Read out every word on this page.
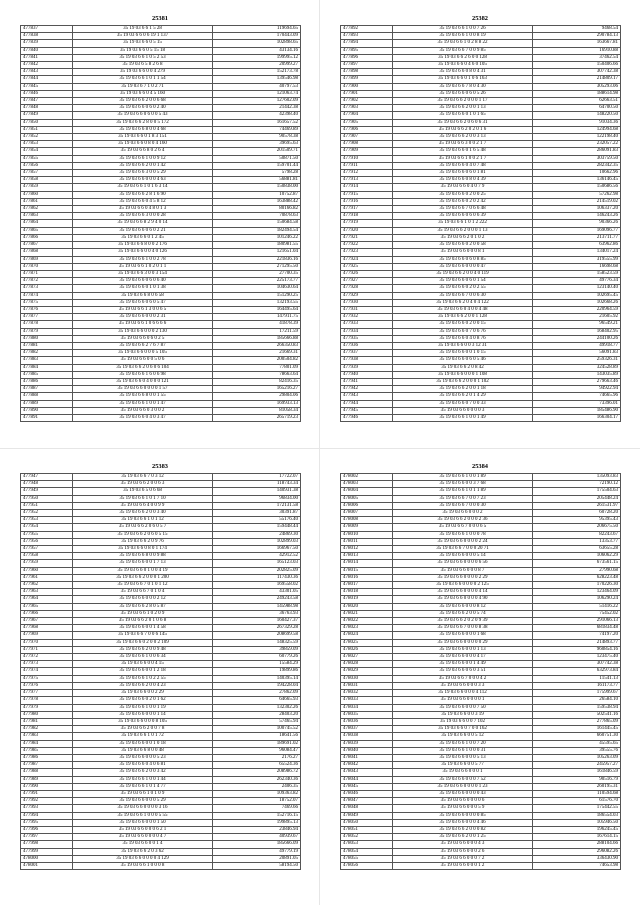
25381
477837	35 19 03 6 6 1 5 28	119694.65
477838	35 19 03 6 6 0 6 19 1 137	170443.09
477839	35 19 03 6 6 0 5 15	102898.65
477840	35 19 03 6 6 0 5 15 18	43134.16
477841	35 19 03 6 6 1 0 5 2 53	199995.12
477842	35 19 03 6 5 8 2 6 8	20999.27
477843	35 19 03 6 6 0 0 4 279	152173.78
477844	35 19 03 6 6 1 0 1 1 54	139546.98
477845	35 19 03 6 7 1 0 2 71	40797.53
477846	35 19 03 6 6 0 4 5 160	121063.74
477847	35 19 03 6 6 2 0 0 6 68	127602.09
477848	35 19 03 6 6 0 6 0 2 40	21442.38
477849	35 19 03 6 6 0 6 0 0 5 43	42398.40
477850	35 19 03 6 6 2 8 0 0 5 172	161657.52
477851	35 19 03 6 6 8 0 0 4 68	74469.89
477852	35 19 03 6 6 0 1 8 3 151	90578.38
477853	35 19 03 6 6 0 8 0 4 160	39695.63
477854	35 19 03 6 6 8 0 2 6 4	201509.71
477855	35 19 03 6 6 1 0 0 9 12	50871.50
477856	35 19 03 6 6 2 0 0 1 42	159701.44
477857	35 19 03 6 6 3 0 0 5 29	5798.28
477858	35 19 03 6 6 0 0 0 4 63	56881.81
477859	35 19 03 6 6 1 0 1 6 3 14	150838.00
477860	35 19 03 6 6 2 8 1 6 90	10752.87
477861	35 19 03 6 6 0 4 5 8 12	163888.42
477862	35 19 03 6 6 0 4 8 0 1 3	80166.82
477863	35 19 03 6 6 3 0 0 0 28	70878.63
477864	35 19 03 6 6 8 2 9 4 0 14	150684.58
477865	35 19 03 6 6 0 6 0 2 21	182494.54
477866	35 19 03 6 6 0 1 2 45	101246.22
477867	35 19 03 6 6 8 0 0 2 176	180981.55
477868	35 19 03 6 6 0 0 4 0 126	121651.04
477869	35 19 03 6 6 1 0 0 2 78	221836.16
477870	35 19 03 6 6 1 0 2 0 1 1	271295.50
477871	35 19 03 6 6 3 0 0 3 154	27700.35
477872	35 19 03 6 6 0 6 0 6 40	225173.77
477873	35 19 03 6 6 0 1 0 1 38	104630.64
477874	35 19 03 6 6 8 0 6 58	151290.25
477875	35 19 03 6 6 0 6 0 5 47	132193.55
477876	35 19 03 6 6 1 3 0 0 6 5	164495.64
477877	35 19 03 6 6 0 0 0 2 31	147911.75
477878	35 19 03 6 6 1 0 6 6 6 6	41878.39
477879	35 19 03 6 6 0 0 0 2 130	17211.59
477880	35 19 03 6 6 0 6 0 2 5	185666.88
477881	35 19 03 6 6 2 7 6 7 87	266350.83
477882	35 19 03 6 6 0 0 0 5 105	21669.31
477883	35 19 03 6 6 0 0 5 0 6	200504.82
477884	35 19 03 6 6 2 0 6 0 6 104	77801.09
477885	35 19 03 6 6 1 6 0 6 98	78663.64
477886	35 19 03 6 6 0 4 0 0 0 121	82416.35
477887	35 19 03 6 6 0 0 0 0 1 57	165216.27
477888	35 19 03 6 6 8 0 0 1 55	29804.06
477889	35 19 03 6 6 1 0 0 1 47	169933.13
477890	35 19 03 6 6 0 3 0 0 2	81058.34
477891	35 19 03 6 6 0 4 0 3 47	265719.23
25382
477892	35 19 03 6 6 1 0 0 7 26	9468.54
477893	35 19 03 6 6 1 0 0 8 19	290784.13
477894	35 19 03 6 6 1 0 2 8 8 22	163667.81
477895	35 19 03 6 6 7 0 0 9 85	16910.88
477896	35 19 03 6 6 2 6 0 0 128	37462.54
477897	35 19 03 6 6 0 4 6 0 105	150406.66
477898	35 19 03 6 6 0 8 0 4 31	307742.38
477899	35 19 03 6 6 0 1 0 6 163	214809.17
477900	35 19 03 6 6 7 8 0 4 30	305293.06
477901	35 19 03 6 6 0 6 0 5 26	188614.98
477902	35 19 03 6 6 2 0 0 0 1 17	62663.51
477903	35 19 03 6 6 2 0 0 1 13	64700.50
477904	35 19 03 6 6 0 1 0 1 65	148220.50
477905	35 19 03 6 6 2 0 6 0 6 31	91034.36
477906	35 19 03 6 6 2 0 2 0 1 6	124994.68
477907	35 19 03 6 6 2 0 0 3 13	122198.40
477908	35 19 03 6 6 3 0 0 2 1 7	232057.22
477909	35 19 03 6 6 0 1 6 5 48	286091.83
477910	35 19 03 6 6 1 0 0 2 1 7	303759.50
477911	35 19 03 6 6 0 4 0 7 48	282342.35
477912	35 19 03 6 6 0 6 0 1 81	10662.96
477913	35 19 03 6 6 0 8 0 4 39	136146.45
477914	35 19 03 6 6 0 4 0 7 9	150686.56
477915	35 19 03 6 6 0 2 0 0 25	57262.98
477916	35 19 03 6 6 0 2 0 2 42	214519.02
477917	35 19 03 6 6 7 0 6 6 48	106337.20
477918	35 19 03 6 6 0 6 0 6 39	146243.26
477919	35 19 03 6 6 1 0 1 2 222	90366.26
477920	35 19 03 6 6 2 0 0 0 1 13	169096.77
477921	35 19 03 6 6 2 0 1 0 2	213711.77
477922	35 19 03 6 6 0 2 0 0 58	63962.86
477923	35 19 03 6 6 0 0 0 8 1	134017.24
477924	35 19 03 6 6 0 6 0 8 85	319555.99
477925	35 19 03 6 6 0 0 0 0 47	16698.68
477926	35 19 03 6 6 2 0 0 4 0 119	158523.59
477927	35 19 03 6 6 0 6 0 1 54	49776.34
477928	35 19 03 6 6 0 2 0 2 55	123140.40
477929	35 19 03 6 6 7 0 0 6 30	102695.45
477930	35 19 03 6 6 2 0 4 0 4 122	102668.26
477931	35 19 03 6 6 0 4 0 0 4 48	220964.59
477932	35 19 03 6 6 2 0 0 1 128	21605.92
477933	35 19 03 6 6 0 2 0 0 15	96549.21
477934	35 19 03 6 6 0 7 0 6 76	168402.95
477935	35 19 03 6 6 0 4 0 8 76	244100.26
477936	35 19 03 6 6 0 0 3 12 31	49918.77
477937	35 19 03 6 6 0 0 1 0 15	56091.83
477938	35 19 03 6 6 0 6 0 5 46	259326.31
477939	35 19 03 6 6 2 0 8 42	324528.89
477940	35 19 03 6 6 0 0 0 1 108	143035.89
477941	35 19 03 6 6 2 0 0 0 1 102	279663.46
477942	35 19 03 6 6 2 0 0 1 18	94922.94
477943	35 19 03 6 6 2 0 1 4 29	74665.96
477944	35 19 03 6 6 0 7 0 0 33	73396.01
477945	35 19 03 6 6 0 0 0 0 3	185486.90
477946	35 19 03 6 6 1 0 0 1 49	166304.17
25383
477947	35 19 03 6 6 7 0 3 12	17722.07
477948	35 19 03 6 6 2 0 0 6 3	118743.34
477949	35 19 03 6 5 0 6 68	140931.38
477950	35 19 03 6 6 1 0 1 7 10	96834.00
477951	35 19 03 6 6 4 0 0 9 9	172131.58
477952	35 19 03 6 6 2 0 0 3 40	30391.87
477953	35 19 03 6 6 1 0 1 12	55176.40
477954	35 19 03 6 6 2 0 6 0 5 7	159448.44
477955	35 19 03 6 6 2 0 6 0 5 15	24869.30
477956	35 19 03 6 6 2 0 9 76	102899.03
477957	35 19 03 6 6 0 8 0 1 174	166967.50
477958	35 19 03 6 6 8 0 0 9 88	42912.52
477959	35 19 03 6 6 0 0 1 7 13	165123.03
477960	35 19 03 6 6 0 1 0 0 4 19	202825.09
477961	35 19 03 6 6 2 0 0 0 1 200	117430.36
477962	35 19 03 6 6 7 0 1 0 1 12	169558.02
477963	35 19 03 6 6 7 0 1 0 4	43301.05
477964	35 19 03 6 6 0 0 0 2 12	249243.58
477965	35 19 03 6 6 2 8 0 5 87	145988.98
477966	35 19 03 6 6 1 0 2 0 9	36763.93
477967	35 19 03 6 6 2 0 1 0 6 8	160427.37
477968	35 19 03 6 6 0 0 1 4 58	267329.28
477969	35 19 03 6 6 7 0 0 6 145	208699.58
477970	35 19 03 6 6 0 2 0 0 2 109	148325.59
477971	35 19 03 6 6 2 0 0 9 48	39859.09
477972	35 19 03 6 6 1 0 0 6 34	60779.26
477973	35 19 03 6 6 0 0 4 15	15584.29
477974	35 19 03 6 6 0 0 1 2 18	19899.86
477975	35 19 03 6 6 1 0 2 2 55	140395.14
477976	35 19 03 6 6 2 0 0 4 23	194228.04
477977	35 19 03 6 6 0 0 2 29	27862.09
477978	35 19 03 6 6 0 2 0 1 62	64665.93
477979	35 19 03 6 6 1 0 0 1 19	132302.26
477980	35 19 03 6 6 0 0 0 1 14	28403.20
477981	35 19 03 6 6 0 0 0 8 105	57465.94
477982	35 19 03 6 6 2 0 0 7 8	100745.52
477983	35 19 03 6 6 1 0 1 72	18641.56
477984	35 19 03 6 6 0 0 1 0 18	189691.02
477985	35 19 03 6 6 8 0 0 48	96084.47
477986	35 19 03 6 6 0 0 0 5 23	2176.27
477987	35 19 03 6 6 0 4 0 6 81	65524.36
477988	35 19 03 6 6 2 0 0 3 42	208986.72
477989	35 19 03 6 6 1 0 0 1 44	262340.36
477990	35 19 03 6 6 1 0 1 4 77	2406.35
477991	35 19 03 6 6 1 0 1 0 9	109363.82
477992	35 19 03 6 6 0 0 0 5 29	18752.07
477993	35 19 03 6 6 0 0 0 0 3 16	7469.66
477994	35 19 03 6 6 1 0 0 0 5 55	152716.15
477995	35 19 03 6 6 0 0 0 1 50	199895.13
477996	35 19 03 6 6 0 0 0 6 2 1	23846.94
477997	35 19 03 6 6 0 0 0 0 4 7	40939.67
477998	35 19 03 6 6 0 0 1 4	185666.09
477999	35 19 03 6 6 2 0 3 62	49779.19
478000	35 19 03 6 6 0 0 0 0 4 129	20891.05
478001	35 19 03 6 6 1 0 0 0 8	58194.50
25384
478002	35 19 03 6 6 1 0 0 1 89	135093.83
478003	35 19 03 6 6 0 0 3 7 68	72190.12
478004	35 19 03 6 6 1 0 1 1 89	175504.63
478005	35 19 03 6 6 7 0 0 7 23	205448.24
478006	35 19 03 6 6 7 0 0 0 30	261531.97
478007	35 19 03 6 6 0 0 0 2	60728.20
478008	35 19 03 6 6 2 0 0 0 2 36	95395.43
478009	35 19 03 6 6 7 0 0 0 6 5	206675.50
478010	35 19 03 6 6 1 0 0 0 78	82243.67
478011	35 19 03 6 6 0 0 0 0 2 24	13353.77
478012	35 19 03 6 6 7 0 0 0 20 71	63655.28
478013	35 19 03 6 6 0 0 0 5 14	106062.29
478014	35 19 03 6 6 0 0 0 0 6 56	673561.15
478015	35 19 03 6 6 0 0 0 8 7	27990.68
478016	35 19 03 6 6 0 0 0 0 2 29	628223.48
478017	35 19 03 6 6 0 0 0 0 2 125	170226.30
478018	35 19 03 6 6 0 0 0 0 4 14	123464.09
478019	35 19 03 6 6 0 0 0 0 4 90	106290.24
478020	35 19 03 6 6 0 0 0 8 12	51416.22
478021	35 19 03 6 6 2 0 0 5 74	75452.02
478022	35 19 03 6 6 2 0 2 0 9 39	291066.13
478023	35 19 03 6 6 7 0 0 0 8 38	681834.48
478024	35 19 03 6 6 0 0 0 1 68	74197.20
478025	35 19 03 6 6 0 0 0 0 0 29	214893.77
478026	35 19 03 6 6 0 0 0 1 13	960854.16
478027	35 19 03 6 6 0 0 0 4 17	123475.40
478028	35 19 03 6 6 0 0 1 4 49	307742.38
478029	35 19 03 6 6 0 6 0 3 51	632973.84
478030	35 19 03 6 6 7 0 0 0 4 2	11541.13
478031	35 19 03 6 6 0 0 0 3 3	161173.77
478032	35 19 03 6 6 0 0 0 4 112	175999.67
478033	35 19 03 6 6 0 0 0 0 1	26584.10
478034	35 19 03 6 6 0 0 0 7 50	159538.94
478035	35 19 03 6 6 0 0 3 19	502541.16
478036	35 19 03 6 6 0 0 7 102	277865.09
478037	35 19 03 6 6 0 7 0 0 162	161445.45
478038	35 19 03 6 6 0 0 5 12	660751.30
478039	35 19 03 6 6 1 0 0 7 20	45595.65
478040	35 19 03 6 6 1 0 0 0 31	39555.76
478041	35 19 03 6 6 0 0 0 5 13	105263.09
478042	35 19 03 6 6 0 0 5 77	245957.27
478043	35 19 03 6 6 0 0 0 1	161846.59
478044	35 19 03 6 6 0 0 0 7 52	90516.79
478045	35 19 03 6 6 0 0 0 0 1 23	260195.31
478046	35 19 03 6 6 0 0 0 0 43	110594.68
478047	35 19 03 6 6 0 0 0 0 6	61576.70
478048	35 19 03 6 6 0 0 0 5 9	175442.55
478049	35 19 03 6 6 0 0 0 0 85	186554.03
478050	35 19 03 6 6 0 0 0 4 46	105946.50
478051	35 19 03 6 6 2 0 0 0 82	196245.45
478052	35 19 03 6 6 2 0 0 1 25	167614.15
478053	35 19 03 6 6 0 0 0 4 3	288104.66
478054	35 19 03 6 6 0 0 0 2 6	296082.26
478055	35 19 03 6 6 0 0 0 7 2	336430.90
478056	35 19 03 6 6 0 0 0 1 2	74653.98
